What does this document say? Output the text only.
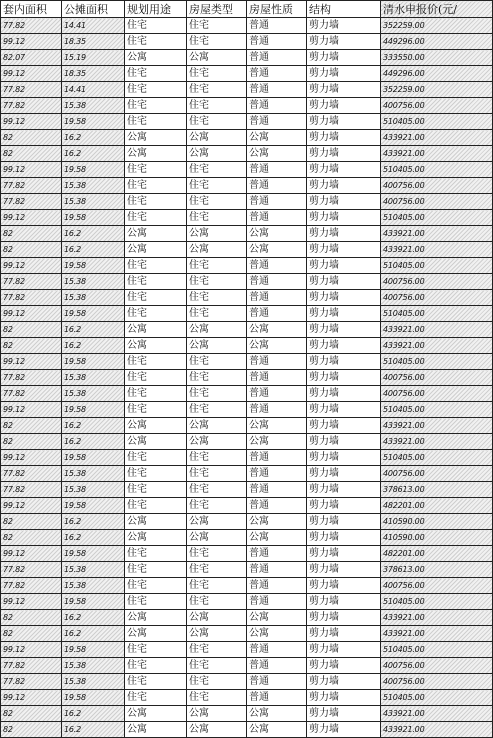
套内面积	公摊面积	规划用途	房屋类型	房屋性质	结构	清水申报价(元/
77.82	14.41	住宅	住宅	普通	剪力墙	352259.00
99.12	18.35	住宅	住宅	普通	剪力墙	449296.00
82.07	15.19	公寓	公寓	普通	剪力墙	333550.00
99.12	18.35	住宅	住宅	普通	剪力墙	449296.00
77.82	14.41	住宅	住宅	普通	剪力墙	352259.00
77.82	15.38	住宅	住宅	普通	剪力墙	400756.00
99.12	19.58	住宅	住宅	普通	剪力墙	510405.00
82	16.2	公寓	公寓	公寓	剪力墙	433921.00
82	16.2	公寓	公寓	公寓	剪力墙	433921.00
99.12	19.58	住宅	住宅	普通	剪力墙	510405.00
77.82	15.38	住宅	住宅	普通	剪力墙	400756.00
77.82	15.38	住宅	住宅	普通	剪力墙	400756.00
99.12	19.58	住宅	住宅	普通	剪力墙	510405.00
82	16.2	公寓	公寓	公寓	剪力墙	433921.00
82	16.2	公寓	公寓	公寓	剪力墙	433921.00
99.12	19.58	住宅	住宅	普通	剪力墙	510405.00
77.82	15.38	住宅	住宅	普通	剪力墙	400756.00
77.82	15.38	住宅	住宅	普通	剪力墙	400756.00
99.12	19.58	住宅	住宅	普通	剪力墙	510405.00
82	16.2	公寓	公寓	公寓	剪力墙	433921.00
82	16.2	公寓	公寓	公寓	剪力墙	433921.00
99.12	19.58	住宅	住宅	普通	剪力墙	510405.00
77.82	15.38	住宅	住宅	普通	剪力墙	400756.00
77.82	15.38	住宅	住宅	普通	剪力墙	400756.00
99.12	19.58	住宅	住宅	普通	剪力墙	510405.00
82	16.2	公寓	公寓	公寓	剪力墙	433921.00
82	16.2	公寓	公寓	公寓	剪力墙	433921.00
99.12	19.58	住宅	住宅	普通	剪力墙	510405.00
77.82	15.38	住宅	住宅	普通	剪力墙	400756.00
77.82	15.38	住宅	住宅	普通	剪力墙	378613.00
99.12	19.58	住宅	住宅	普通	剪力墙	482201.00
82	16.2	公寓	公寓	公寓	剪力墙	410590.00
82	16.2	公寓	公寓	公寓	剪力墙	410590.00
99.12	19.58	住宅	住宅	普通	剪力墙	482201.00
77.82	15.38	住宅	住宅	普通	剪力墙	378613.00
77.82	15.38	住宅	住宅	普通	剪力墙	400756.00
99.12	19.58	住宅	住宅	普通	剪力墙	510405.00
82	16.2	公寓	公寓	公寓	剪力墙	433921.00
82	16.2	公寓	公寓	公寓	剪力墙	433921.00
99.12	19.58	住宅	住宅	普通	剪力墙	510405.00
77.82	15.38	住宅	住宅	普通	剪力墙	400756.00
77.82	15.38	住宅	住宅	普通	剪力墙	400756.00
99.12	19.58	住宅	住宅	普通	剪力墙	510405.00
82	16.2	公寓	公寓	公寓	剪力墙	433921.00
82	16.2	公寓	公寓	公寓	剪力墙	433921.00
